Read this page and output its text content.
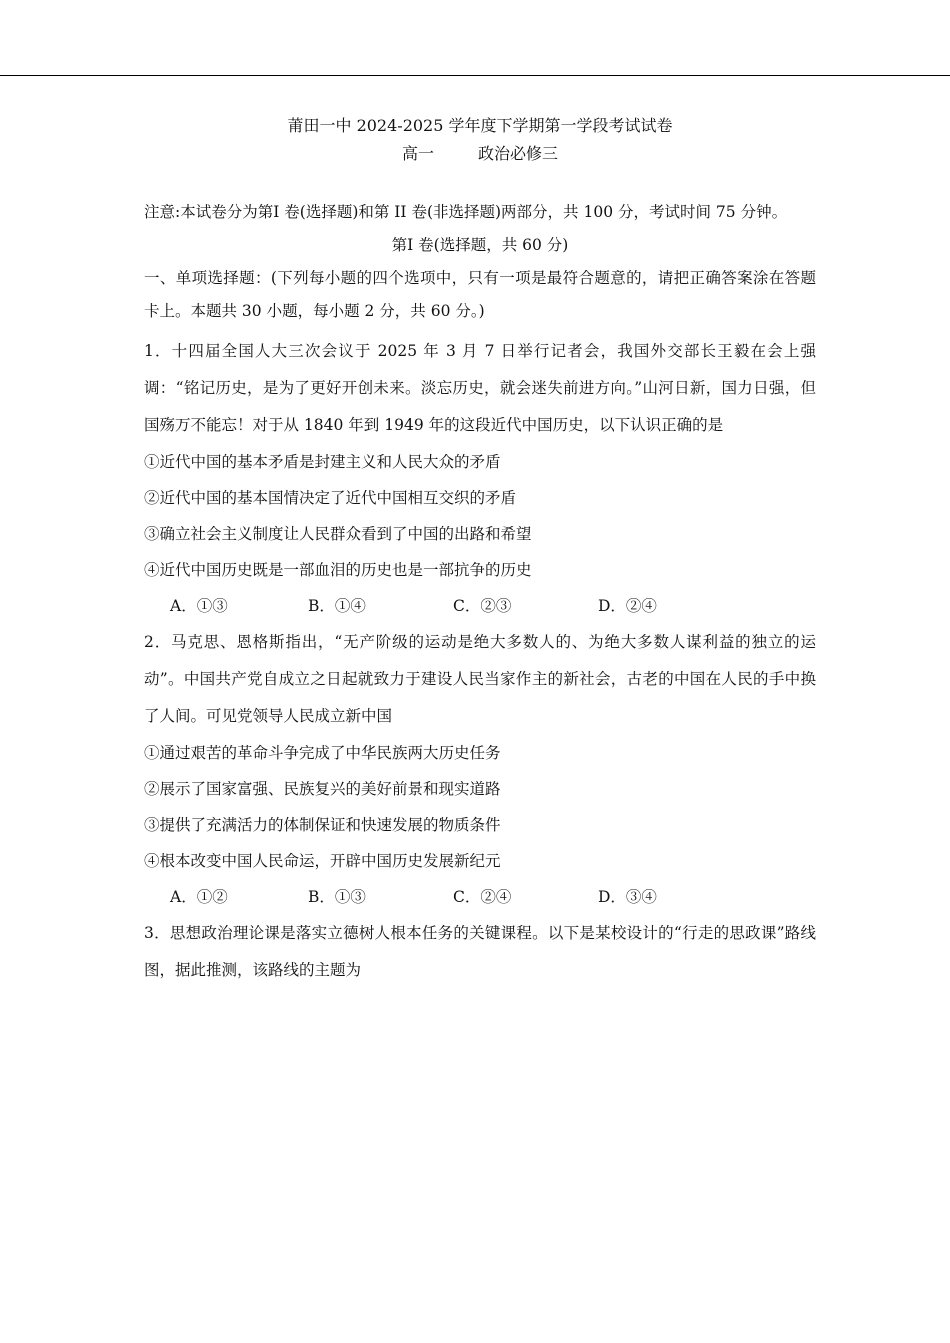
莆田一中 2024-2025 学年度下学期第一学段考试试卷

高一	政治必修三

注意:本试卷分为第Ⅰ 卷(选择题)和第 II 卷(非选择题)两部分，共 100 分，考试时间 75 分钟。

第Ⅰ 卷(选择题，共 60 分)

一、单项选择题：(下列每小题的四个选项中，只有一项是最符合题意的，请把正确答案涂在答题卡上。本题共 30 小题，每小题 2 分，共 60 分。)

1．十四届全国人大三次会议于 2025 年 3 月 7 日举行记者会，我国外交部长王毅在会上强调：“铭记历史，是为了更好开创未来。淡忘历史，就会迷失前进方向。”山河日新，国力日强，但国殇万不能忘！对于从 1840 年到 1949 年的这段近代中国历史，以下认识正确的是

①近代中国的基本矛盾是封建主义和人民大众的矛盾

②近代中国的基本国情决定了近代中国相互交织的矛盾

③确立社会主义制度让人民群众看到了中国的出路和希望

④近代中国历史既是一部血泪的历史也是一部抗争的历史

A．①③	B．①④	C．②③	D．②④

2．马克思、恩格斯指出，“无产阶级的运动是绝大多数人的、为绝大多数人谋利益的独立的运动”。中国共产党自成立之日起就致力于建设人民当家作主的新社会，古老的中国在人民的手中换了人间。可见党领导人民成立新中国

①通过艰苦的革命斗争完成了中华民族两大历史任务

②展示了国家富强、民族复兴的美好前景和现实道路

③提供了充满活力的体制保证和快速发展的物质条件

④根本改变中国人民命运，开辟中国历史发展新纪元

A．①②	B．①③	C．②④	D．③④

3．思想政治理论课是落实立德树人根本任务的关键课程。以下是某校设计的“行走的思政课”路线图，据此推测，该路线的主题为
